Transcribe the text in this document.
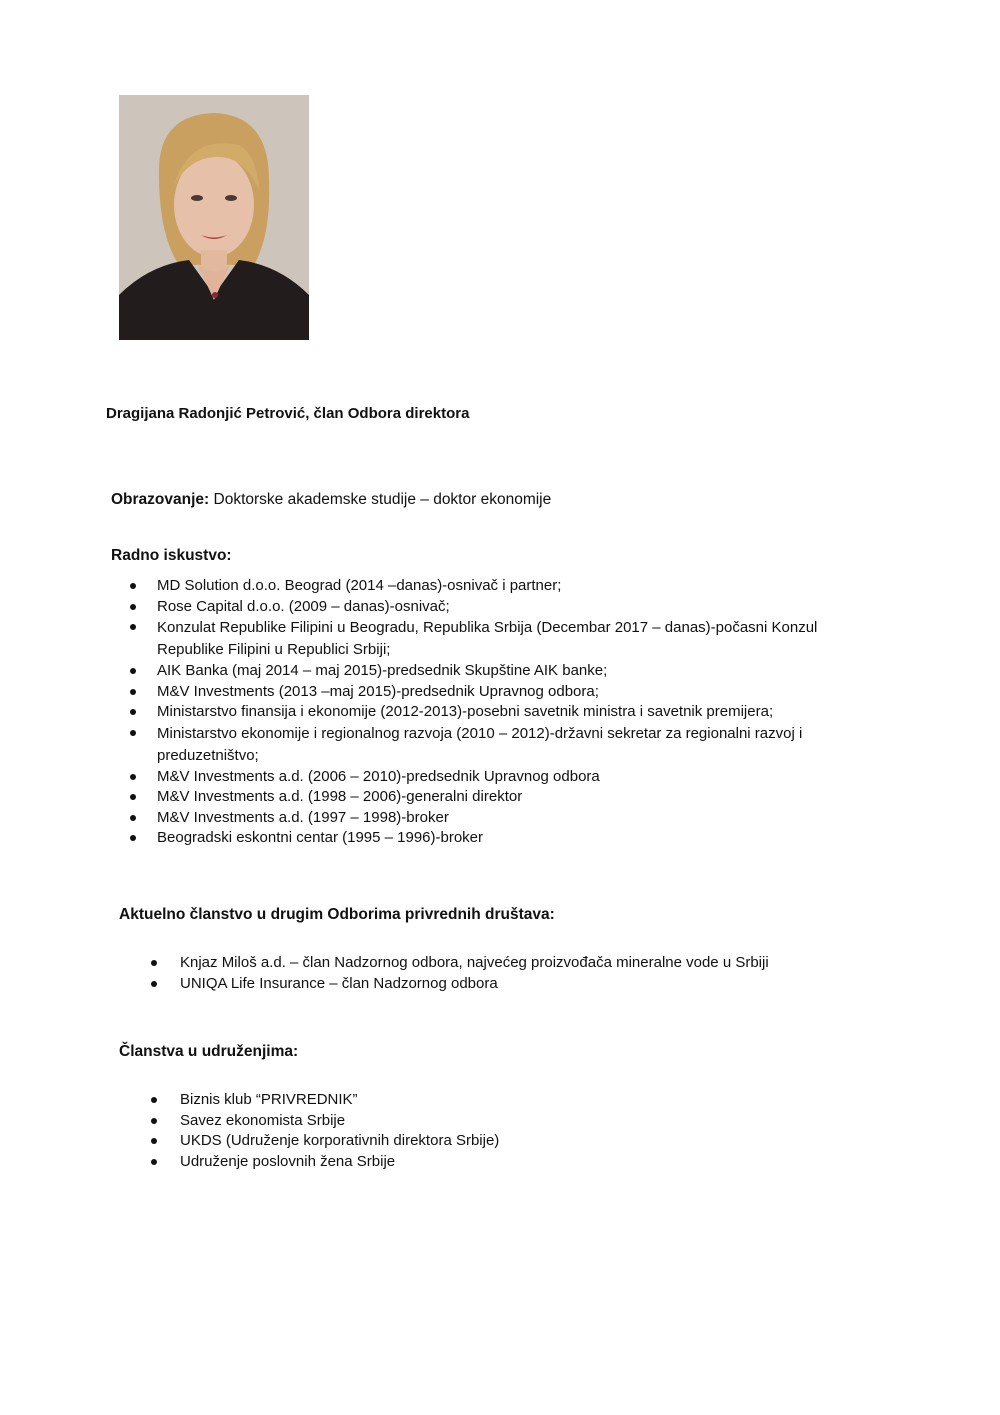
Dragijana Radonjić Petrović, član Odbora direktora
Obrazovanje: Doktorske akademske studije – doktor ekonomije
Radno iskustvo:
MD Solution d.o.o. Beograd (2014 –danas)-osnivač i partner;
Rose Capital d.o.o. (2009 – danas)-osnivač;
Konzulat Republike Filipini u Beogradu, Republika Srbija (Decembar 2017 – danas)-počasni Konzul Republike Filipini u Republici Srbiji;
AIK Banka (maj 2014 – maj 2015)-predsednik Skupštine AIK banke;
M&V Investments (2013 –maj 2015)-predsednik Upravnog odbora;
Ministarstvo finansija i ekonomije (2012-2013)-posebni savetnik ministra i savetnik premijera;
Ministarstvo ekonomije i regionalnog razvoja (2010 – 2012)-državni sekretar za regionalni razvoj i preduzetništvo;
M&V Investments a.d. (2006 – 2010)-predsednik Upravnog odbora
M&V Investments a.d. (1998 – 2006)-generalni direktor
M&V Investments a.d. (1997 – 1998)-broker
Beogradski eskontni centar (1995 – 1996)-broker
Aktuelno članstvo u drugim Odborima privrednih društava:
Knjaz Miloš a.d. – član Nadzornog odbora, najvećeg proizvođača mineralne vode u Srbiji
UNIQA Life Insurance – član Nadzornog odbora
Članstva u udruženjima:
Biznis klub “PRIVREDNIK”
Savez ekonomista Srbije
UKDS (Udruženje korporativnih direktora Srbije)
Udruženje poslovnih žena Srbije
